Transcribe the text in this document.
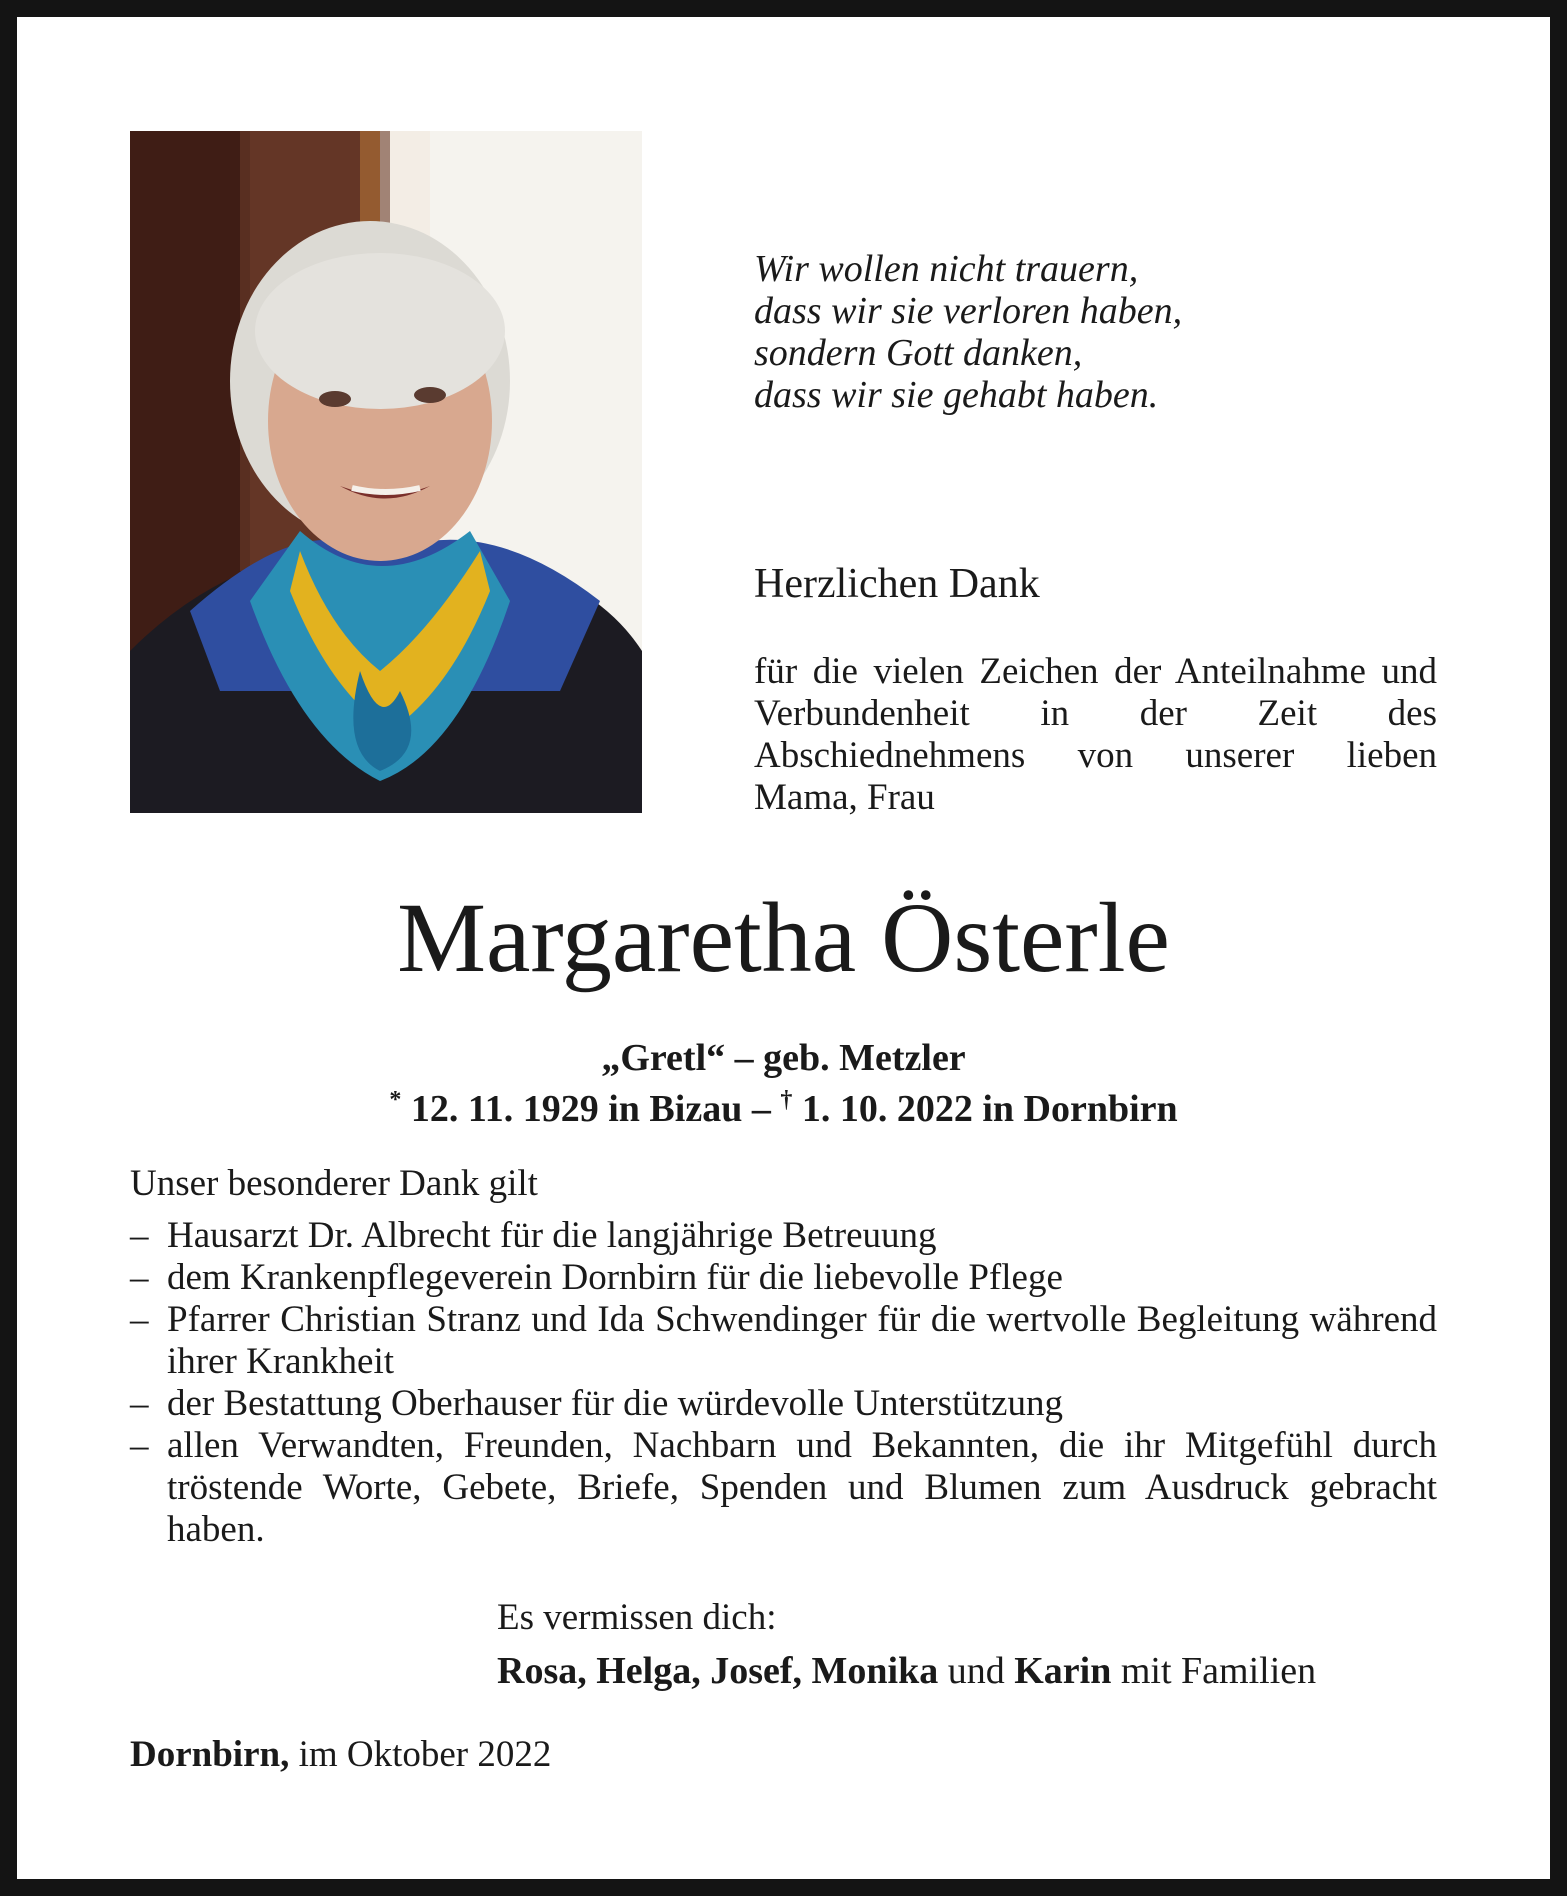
Wir wollen nicht trauern,
dass wir sie verloren haben,
sondern Gott danken,
dass wir sie gehabt haben.
Herzlichen Dank
für die vielen Zeichen der Anteilnahme und Verbundenheit in der Zeit des Abschiednehmens von unserer lieben
Mama, Frau
Margaretha Österle
„Gretl“ – geb. Metzler
* 12. 11. 1929 in Bizau – † 1. 10. 2022 in Dornbirn
Unser besonderer Dank gilt
– Hausarzt Dr. Albrecht für die langjährige Betreuung
– dem Krankenpflegeverein Dornbirn für die liebevolle Pflege
– Pfarrer Christian Stranz und Ida Schwendinger für die wertvolle Begleitung während ihrer Krankheit
– der Bestattung Oberhauser für die würdevolle Unterstützung
– allen Verwandten, Freunden, Nachbarn und Bekannten, die ihr Mitgefühl durch tröstende Worte, Gebete, Briefe, Spenden und Blumen zum Ausdruck gebracht haben.
Es vermissen dich:
Rosa, Helga, Josef, Monika und Karin mit Familien
Dornbirn, im Oktober 2022
